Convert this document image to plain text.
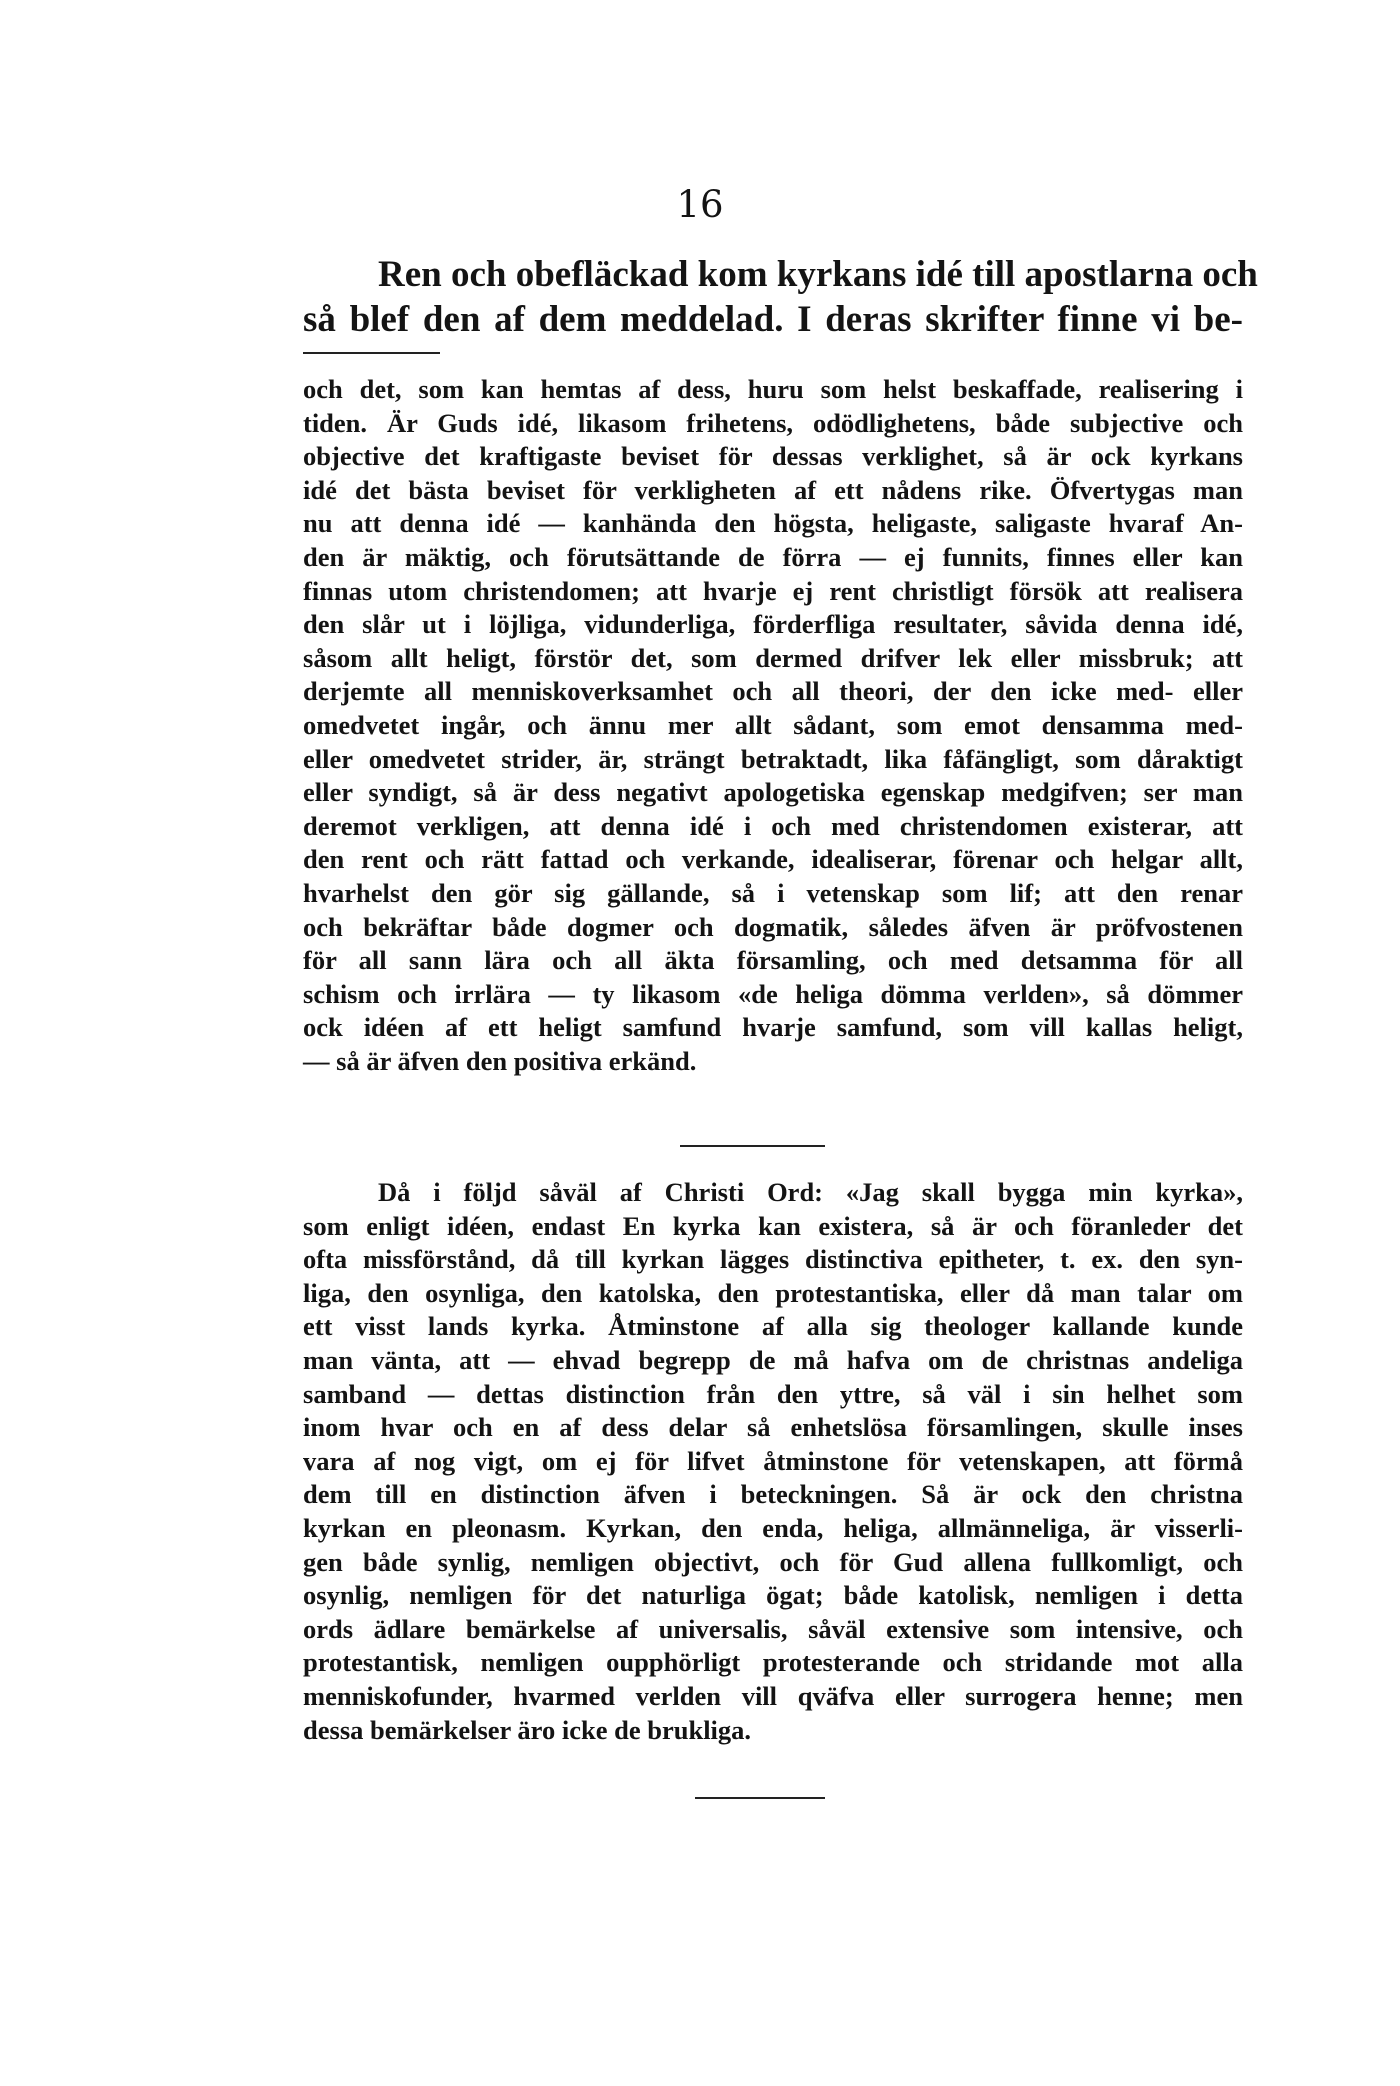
16
Ren och obefläckad kom kyrkans idé till apostlarna och
så blef den af dem meddelad. I deras skrifter finne vi be-
och det, som kan hemtas af dess, huru som helst beskaffade, realisering i
tiden. Är Guds idé, likasom frihetens, odödlighetens, både subjective och
objective det kraftigaste beviset för dessas verklighet, så är ock kyrkans
idé det bästa beviset för verkligheten af ett nådens rike. Öfvertygas man
nu att denna idé — kanhända den högsta, heligaste, saligaste hvaraf An-
den är mäktig, och förutsättande de förra — ej funnits, finnes eller kan
finnas utom christendomen; att hvarje ej rent christligt försök att realisera
den slår ut i löjliga, vidunderliga, förderfliga resultater, såvida denna idé,
såsom allt heligt, förstör det, som dermed drifver lek eller missbruk; att
derjemte all menniskoverksamhet och all theori, der den icke med- eller
omedvetet ingår, och ännu mer allt sådant, som emot densamma med-
eller omedvetet strider, är, strängt betraktadt, lika fåfängligt, som dåraktigt
eller syndigt, så är dess negativt apologetiska egenskap medgifven; ser man
deremot verkligen, att denna idé i och med christendomen existerar, att
den rent och rätt fattad och verkande, idealiserar, förenar och helgar allt,
hvarhelst den gör sig gällande, så i vetenskap som lif; att den renar
och bekräftar både dogmer och dogmatik, således äfven är pröfvostenen
för all sann lära och all äkta församling, och med detsamma för all
schism och irrlära — ty likasom «de heliga dömma verlden», så dömmer
ock idéen af ett heligt samfund hvarje samfund, som vill kallas heligt,
— så är äfven den positiva erkänd.
Då i följd såväl af Christi Ord: «Jag skall bygga min kyrka»,
som enligt idéen, endast En kyrka kan existera, så är och föranleder det
ofta missförstånd, då till kyrkan lägges distinctiva epitheter, t. ex. den syn-
liga, den osynliga, den katolska, den protestantiska, eller då man talar om
ett visst lands kyrka. Åtminstone af alla sig theologer kallande kunde
man vänta, att — ehvad begrepp de må hafva om de christnas andeliga
samband — dettas distinction från den yttre, så väl i sin helhet som
inom hvar och en af dess delar så enhetslösa församlingen, skulle inses
vara af nog vigt, om ej för lifvet åtminstone för vetenskapen, att förmå
dem till en distinction äfven i beteckningen. Så är ock den christna
kyrkan en pleonasm. Kyrkan, den enda, heliga, allmänneliga, är visserli-
gen både synlig, nemligen objectivt, och för Gud allena fullkomligt, och
osynlig, nemligen för det naturliga ögat; både katolisk, nemligen i detta
ords ädlare bemärkelse af universalis, såväl extensive som intensive, och
protestantisk, nemligen oupphörligt protesterande och stridande mot alla
menniskofunder, hvarmed verlden vill qväfva eller surrogera henne; men
dessa bemärkelser äro icke de brukliga.
